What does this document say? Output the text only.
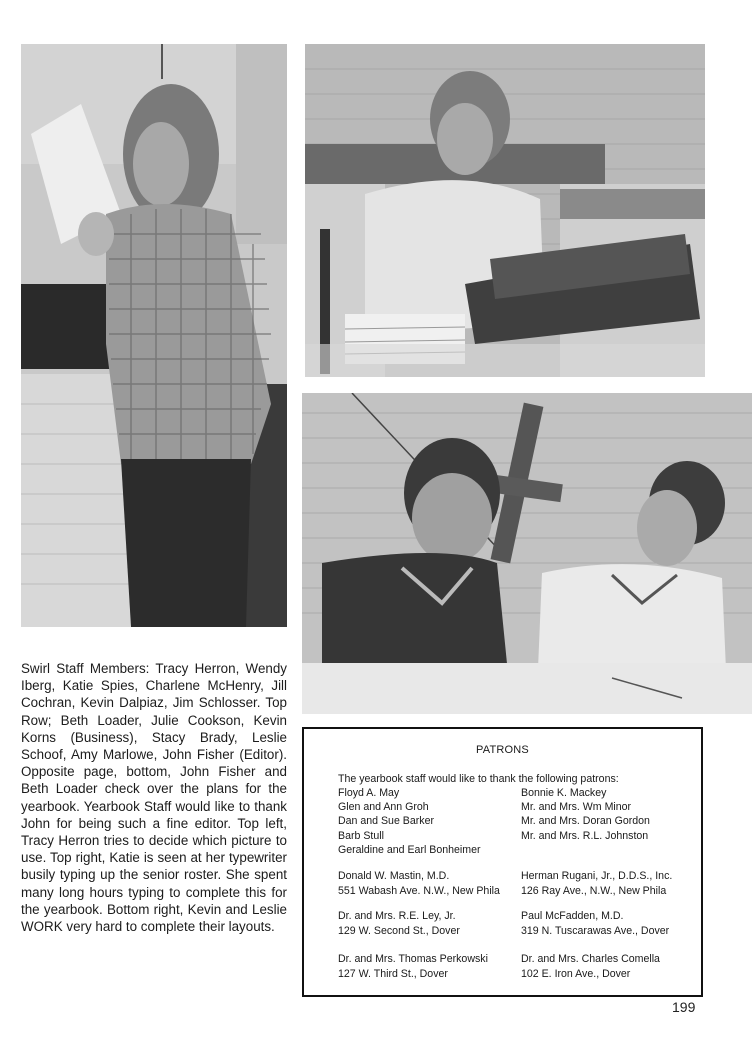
Swirl Staff Members: Tracy Herron, Wendy Iberg, Katie Spies, Charlene McHenry, Jill Cochran, Kevin Dalpiaz, Jim Schlosser. Top Row; Beth Loader, Julie Cookson, Kevin Korns (Business), Stacy Brady, Leslie Schoof, Amy Marlowe, John Fisher (Editor). Opposite page, bottom, John Fisher and Beth Loader check over the plans for the yearbook. Yearbook Staff would like to thank John for being such a fine editor. Top left, Tracy Herron tries to decide which picture to use. Top right, Katie is seen at her typewriter busily typing up the senior roster. She spent many long hours typing to complete this for the yearbook. Bottom right, Kevin and Leslie WORK very hard to complete their layouts.
PATRONS
The yearbook staff would like to thank the following patrons:
Floyd A. May
Glen and Ann Groh
Dan and Sue Barker
Barb Stull
Geraldine and Earl Bonheimer
Bonnie K. Mackey
Mr. and Mrs. Wm Minor
Mr. and Mrs. Doran Gordon
Mr. and Mrs. R.L. Johnston
Donald W. Mastin, M.D.
551 Wabash Ave. N.W., New Phila
Herman Rugani, Jr., D.D.S., Inc.
126 Ray Ave., N.W., New Phila
Dr. and Mrs. R.E. Ley, Jr.
129 W. Second St., Dover
Paul McFadden, M.D.
319 N. Tuscarawas Ave., Dover
Dr. and Mrs. Thomas Perkowski
127 W. Third St., Dover
Dr. and Mrs. Charles Comella
102 E. Iron Ave., Dover
199
